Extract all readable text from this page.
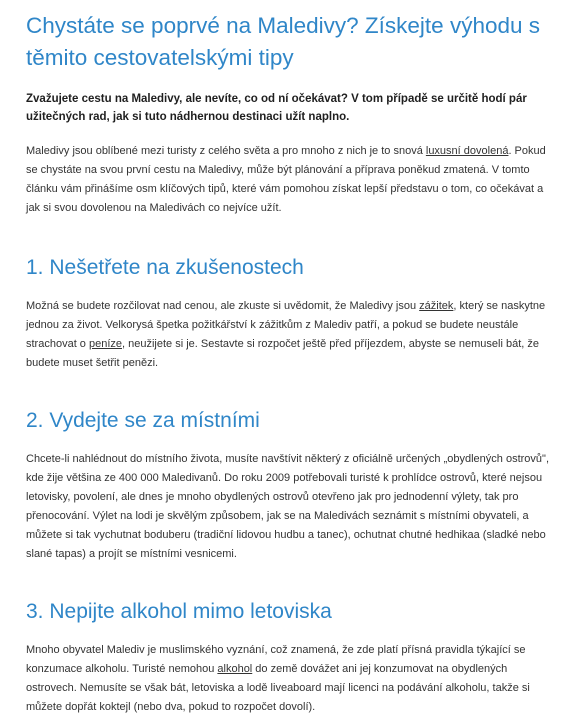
Chystáte se poprvé na Maledivy? Získejte výhodu s těmito cestovatelskými tipy

Zvažujete cestu na Maledivy, ale nevíte, co od ní očekávat? V tom případě se určitě hodí pár užitečných rad, jak si tuto nádhernou destinaci užít naplno.

Maledivy jsou oblíbené mezi turisty z celého světa a pro mnoho z nich je to snová luxusní dovolená. Pokud se chystáte na svou první cestu na Maledivy, může být plánování a příprava poněkud zmatená. V tomto článku vám přinášíme osm klíčových tipů, které vám pomohou získat lepší představu o tom, co očekávat a jak si svou dovolenou na Maledivách co nejvíce užít.

1. Nešetřete na zkušenostech

Možná se budete rozčilovat nad cenou, ale zkuste si uvědomit, že Maledivy jsou zážitek, který se naskytne jednou za život. Velkorysá špetka požitkářství k zážitkům z Malediv patří, a pokud se budete neustále strachovat o peníze, neužijete si je. Sestavte si rozpočet ještě před příjezdem, abyste se nemuseli bát, že budete muset šetřit penězi.

2. Vydejte se za místními

Chcete-li nahlédnout do místního života, musíte navštívit některý z oficiálně určených „obydlených ostrovů", kde žije většina ze 400 000 Maledivanů. Do roku 2009 potřebovali turisté k prohlídce ostrovů, které nejsou letovisky, povolení, ale dnes je mnoho obydlených ostrovů otevřeno jak pro jednodenní výlety, tak pro přenocování. Výlet na lodi je skvělým způsobem, jak se na Maledivách seznámit s místními obyvateli, a můžete si tak vychutnat boduberu (tradiční lidovou hudbu a tanec), ochutnat chutné hedhikaa (sladké nebo slané tapas) a projít se místními vesnicemi.

3. Nepijte alkohol mimo letoviska

Mnoho obyvatel Malediv je muslimského vyznání, což znamená, že zde platí přísná pravidla týkající se konzumace alkoholu. Turisté nemohou alkohol do země dovážet ani jej konzumovat na obydlených ostrovech. Nemusíte se však bát, letoviska a lodě liveaboard mají licenci na podávání alkoholu, takže si můžete dopřát koktejl (nebo dva, pokud to rozpočet dovolí).
